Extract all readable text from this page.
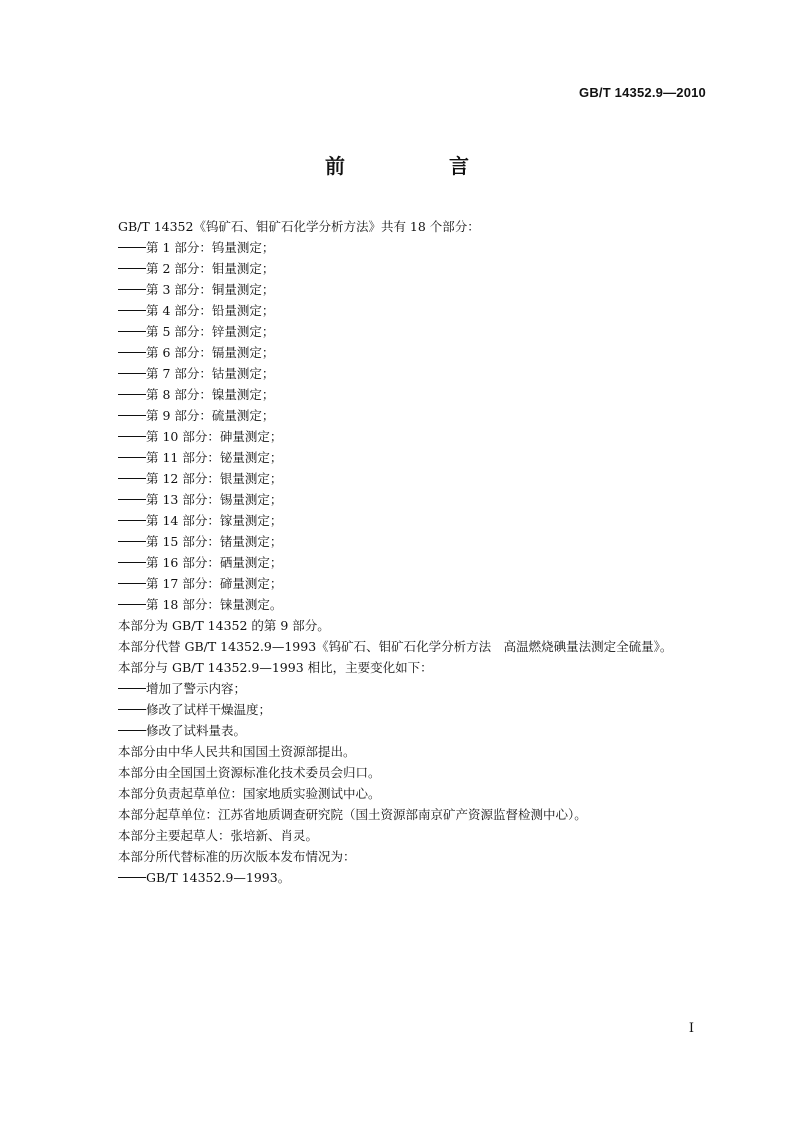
GB/T 14352.9—2010
前　言
GB/T 14352《钨矿石、钼矿石化学分析方法》共有 18 个部分：
第 1 部分：钨量测定；
第 2 部分：钼量测定；
第 3 部分：铜量测定；
第 4 部分：铅量测定；
第 5 部分：锌量测定；
第 6 部分：镉量测定；
第 7 部分：钴量测定；
第 8 部分：镍量测定；
第 9 部分：硫量测定；
第 10 部分：砷量测定；
第 11 部分：铋量测定；
第 12 部分：银量测定；
第 13 部分：锡量测定；
第 14 部分：镓量测定；
第 15 部分：锗量测定；
第 16 部分：硒量测定；
第 17 部分：碲量测定；
第 18 部分：铼量测定。
本部分为 GB/T 14352 的第 9 部分。
本部分代替 GB/T 14352.9—1993《钨矿石、钼矿石化学分析方法　高温燃烧碘量法测定全硫量》。
本部分与 GB/T 14352.9—1993 相比，主要变化如下：
增加了警示内容；
修改了试样干燥温度；
修改了试料量表。
本部分由中华人民共和国国土资源部提出。
本部分由全国国土资源标准化技术委员会归口。
本部分负责起草单位：国家地质实验测试中心。
本部分起草单位：江苏省地质调查研究院（国土资源部南京矿产资源监督检测中心）。
本部分主要起草人：张培新、肖灵。
本部分所代替标准的历次版本发布情况为：
GB/T 14352.9—1993。
I
